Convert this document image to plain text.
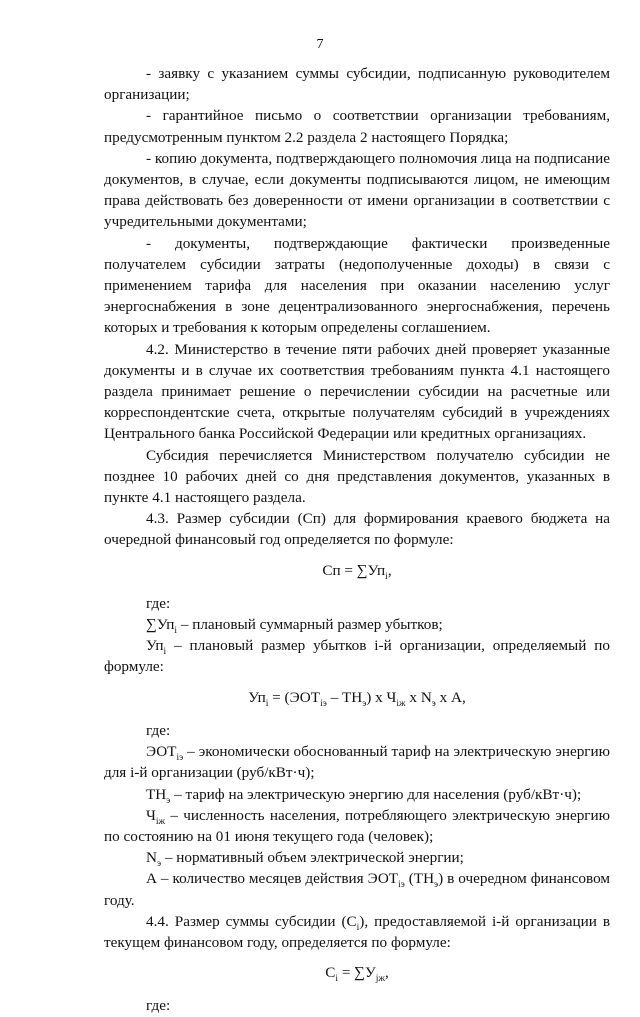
7

- заявку с указанием суммы субсидии, подписанную руководителем организации;

- гарантийное письмо о соответствии организации требованиям, предусмотренным пунктом 2.2 раздела 2 настоящего Порядка;

- копию документа, подтверждающего полномочия лица на подписание документов, в случае, если документы подписываются лицом, не имеющим права действовать без доверенности от имени организации в соответствии с учредительными документами;

- документы, подтверждающие фактически произведенные получателем субсидии затраты (недополученные доходы) в связи с применением тарифа для населения при оказании населению услуг энергоснабжения в зоне децентрализованного энергоснабжения, перечень которых и требования к которым определены соглашением.

4.2. Министерство в течение пяти рабочих дней проверяет указанные документы и в случае их соответствия требованиям пункта 4.1 настоящего раздела принимает решение о перечислении субсидии на расчетные или корреспондентские счета, открытые получателям субсидий в учреждениях Центрального банка Российской Федерации или кредитных организациях.

Субсидия перечисляется Министерством получателю субсидии не позднее 10 рабочих дней со дня представления документов, указанных в пункте 4.1 настоящего раздела.

4.3. Размер субсидии (Сп) для формирования краевого бюджета на очередной финансовый год определяется по формуле:

Сп = $\sum Уп_i$,

где:

$\sum Уп_i$ – плановый суммарный размер убытков;

$Уп_i$ – плановый размер убытков i-й организации, определяемый по формуле:

$Уп_i = (ЭОТ_{iэ} - ТН_э)$ х $Ч_{iж}$ х $N_э$ х А,

где:

$ЭОТ_{iэ}$ – экономически обоснованный тариф на электрическую энергию для i-й организации (руб/кВт·ч);

$ТН_э$ – тариф на электрическую энергию для населения (руб/кВт·ч);

$Ч_{iж}$ – численность населения, потребляющего электрическую энергию по состоянию на 01 июня текущего года (человек);

$N_э$ – нормативный объем электрической энергии;

А – количество месяцев действия $ЭОТ_{iэ}$ $(ТН_э)$ в очередном финансовом году.

4.4. Размер суммы субсидии $(С_i)$, предоставляемой i-й организации в текущем финансовом году, определяется по формуле:

$С_i = \sum У_{jж}$,

где:
